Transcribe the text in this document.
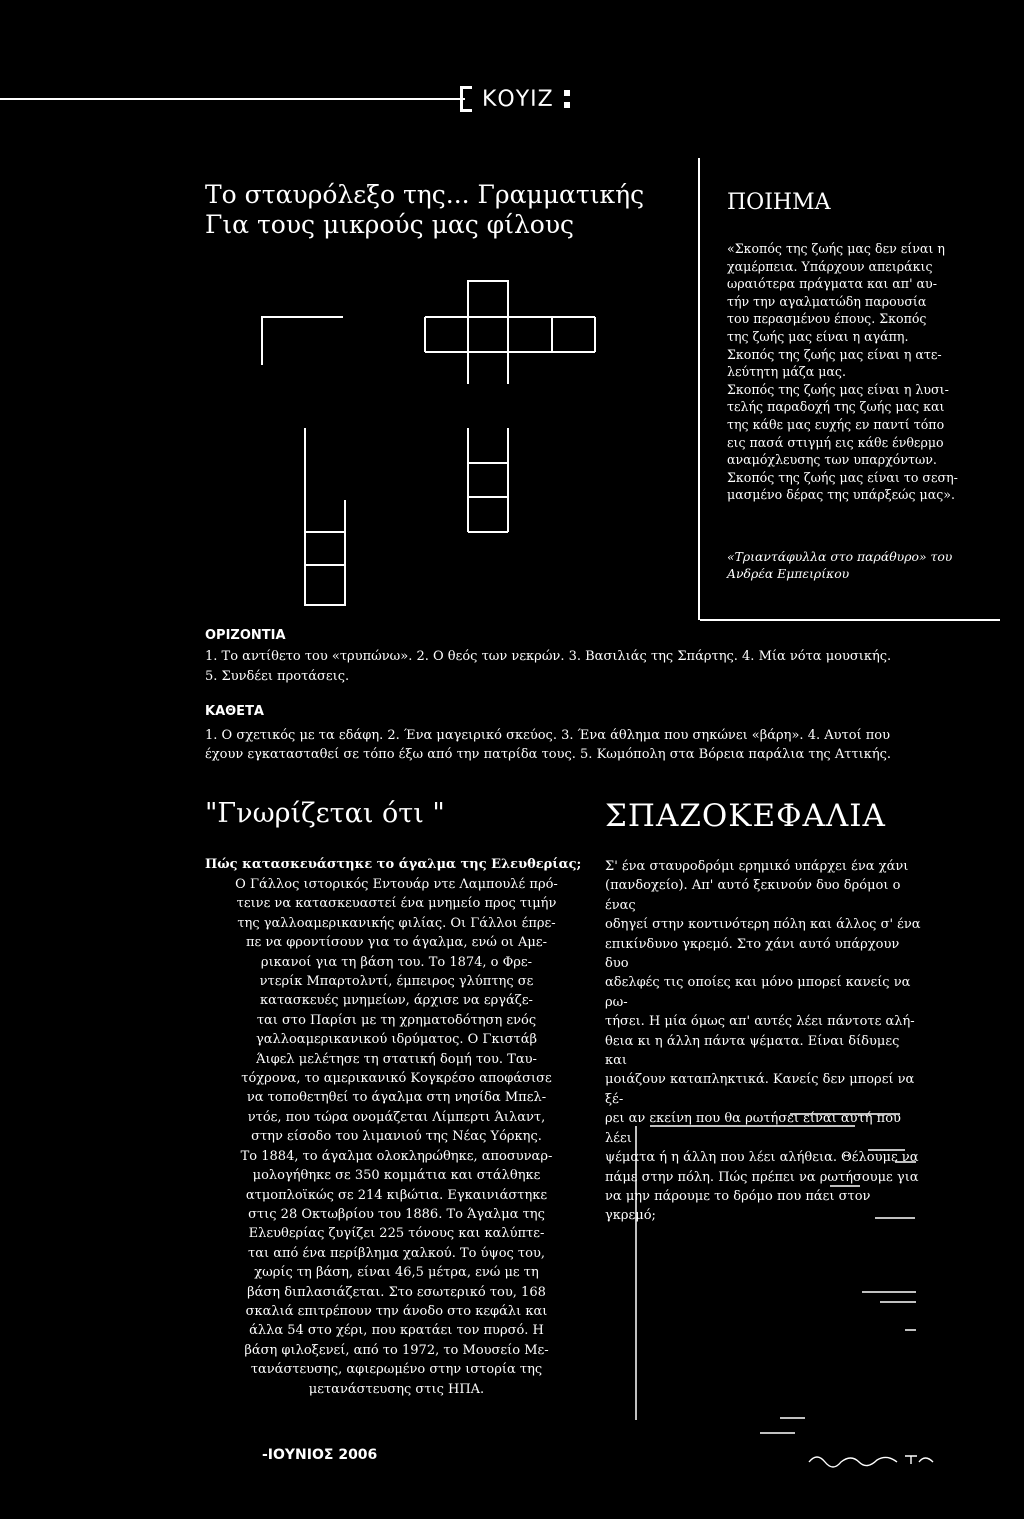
ΚΟΥΙΖ
Το σταυρόλεξο της... Γραμματικής
Για τους μικρούς μας φίλους
ΠΟΙΗΜΑ
«Σκοπός της ζωής μας δεν είναι η
χαμέρπεια. Υπάρχουν απειράκις
ωραιότερα πράγματα και απ' αυ-
τήν την αγαλματώδη παρουσία
του περασμένου έπους. Σκοπός
της ζωής μας είναι η αγάπη.
Σκοπός της ζωής μας είναι η ατε-
λεύτητη μάζα μας.
Σκοπός της ζωής μας είναι η λυσι-
τελής παραδοχή της ζωής μας και
της κάθε μας ευχής εν παντί τόπο
εις πασά στιγμή εις κάθε ένθερμο
αναμόχλευσης των υπαρχόντων.
Σκοπός της ζωής μας είναι το σεση-
μασμένο δέρας της υπάρξεώς μας».
«Τριαντάφυλλα στο παράθυρο» του
Ανδρέα Εμπειρίκου
ΟΡΙΖΟΝΤΙΑ
1. Το αντίθετο του «τρυπώνω». 2. Ο θεός των νεκρών. 3. Βασιλιάς της Σπάρτης. 4. Μία νότα μουσικής.
5. Συνδέει προτάσεις.
ΚΑΘΕΤΑ
1. Ο σχετικός με τα εδάφη. 2. Ένα μαγειρικό σκεύος. 3. Ένα άθλημα που σηκώνει «βάρη». 4. Αυτοί που
έχουν εγκατασταθεί σε τόπο έξω από την πατρίδα τους. 5. Κωμόπολη στα Βόρεια παράλια της Αττικής.
"Γνωρίζεται ότι "
Πώς κατασκευάστηκε το άγαλμα της Ελευθερίας;
Ο Γάλλος ιστορικός Εντουάρ ντε Λαμπουλέ πρό-
τεινε να κατασκευαστεί ένα μνημείο προς τιμήν
της γαλλοαμερικανικής φιλίας. Οι Γάλλοι έπρε-
πε να φροντίσουν για το άγαλμα, ενώ οι Αμε-
ρικανοί για τη βάση του. Το 1874, ο Φρε-
ντερίκ Μπαρτολντί, έμπειρος γλύπτης σε
κατασκευές μνημείων, άρχισε να εργάζε-
ται στο Παρίσι με τη χρηματοδότηση ενός
γαλλοαμερικανικού ιδρύματος. Ο Γκιστάβ
Άιφελ μελέτησε τη στατική δομή του. Ταυ-
τόχρονα, το αμερικανικό Κογκρέσο αποφάσισε
να τοποθετηθεί το άγαλμα στη νησίδα Μπελ-
ντόε, που τώρα ονομάζεται Λίμπερτι Άιλαντ,
στην είσοδο του λιμανιού της Νέας Υόρκης.
Το 1884, το άγαλμα ολοκληρώθηκε, αποσυναρ-
μολογήθηκε σε 350 κομμάτια και στάλθηκε
ατμοπλοϊκώς σε 214 κιβώτια. Εγκαινιάστηκε
στις 28 Οκτωβρίου του 1886. Το Άγαλμα της
Ελευθερίας ζυγίζει 225 τόνους και καλύπτε-
ται από ένα περίβλημα χαλκού. Το ύψος του,
χωρίς τη βάση, είναι 46,5 μέτρα, ενώ με τη
βάση διπλασιάζεται. Στο εσωτερικό του, 168
σκαλιά επιτρέπουν την άνοδο στο κεφάλι και
άλλα 54 στο χέρι, που κρατάει τον πυρσό. Η
βάση φιλοξενεί, από το 1972, το Μουσείο Με-
τανάστευσης, αφιερωμένο στην ιστορία της
μετανάστευσης στις ΗΠΑ.
ΣΠΑΖΟΚΕΦΑΛΙΑ
Σ' ένα σταυροδρόμι ερημικό υπάρχει ένα χάνι
(πανδοχείο). Απ' αυτό ξεκινούν δυο δρόμοι ο ένας
οδηγεί στην κοντινότερη πόλη και άλλος σ' ένα
επικίνδυνο γκρεμό. Στο χάνι αυτό υπάρχουν δυο
αδελφές τις οποίες και μόνο μπορεί κανείς να ρω-
τήσει. Η μία όμως απ' αυτές λέει πάντοτε αλή-
θεια κι η άλλη πάντα ψέματα. Είναι δίδυμες και
μοιάζουν καταπληκτικά. Κανείς δεν μπορεί να ξέ-
ρει αν εκείνη που θα ρωτήσει είναι αυτή που λέει
ψέματα ή η άλλη που λέει αλήθεια. Θέλουμε να
πάμε στην πόλη. Πώς πρέπει να ρωτήσουμε για
να μην πάρουμε το δρόμο που πάει στον γκρεμό;
-ΙΟΥΝΙΟΣ 2006
